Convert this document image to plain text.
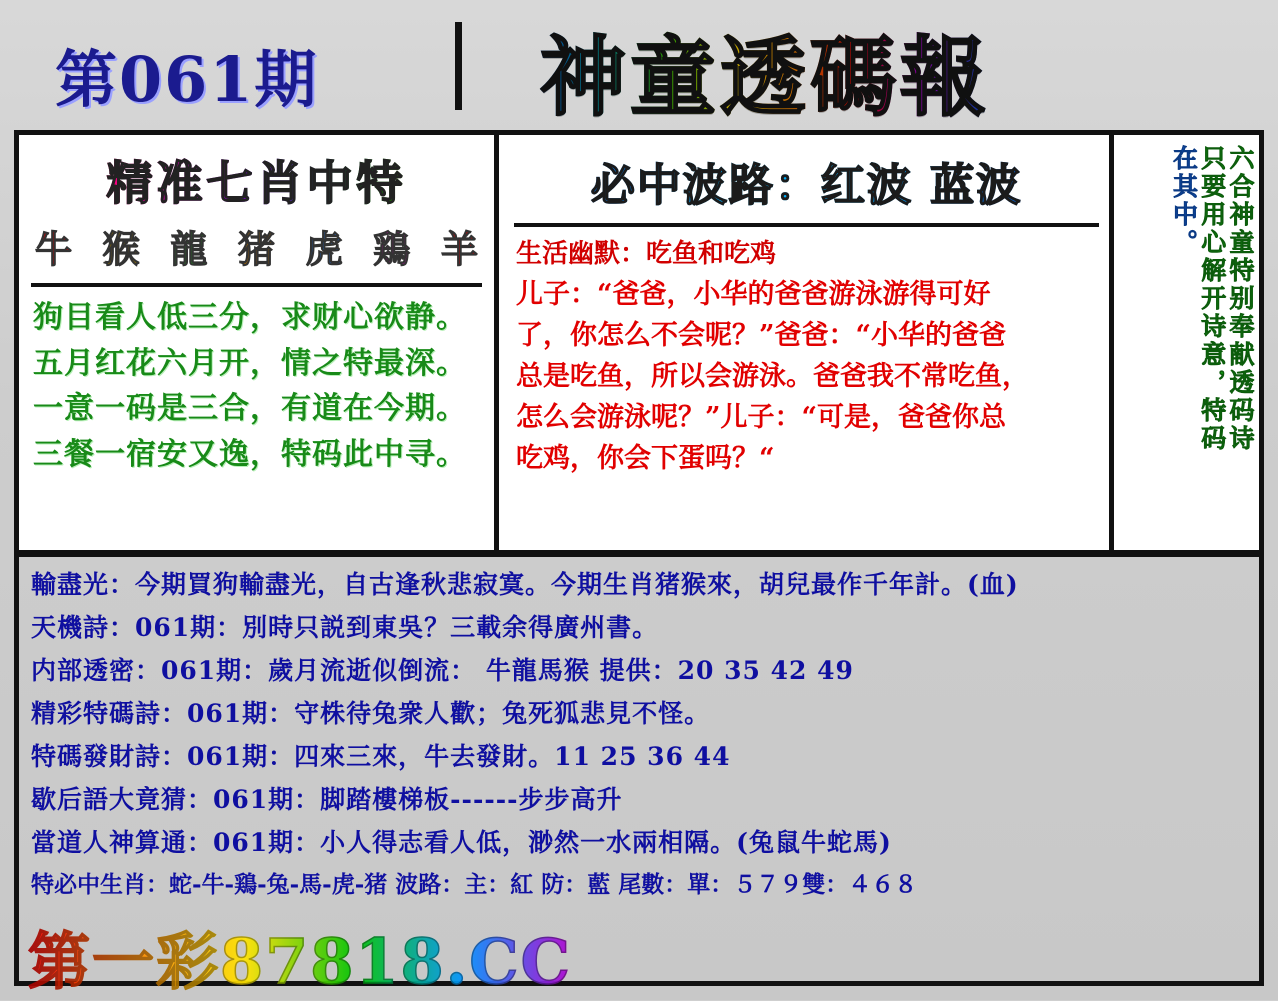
第061期	神童透碼報
精准七肖中特
牛 猴 龍 猪 虎 鶏 羊
狗目看人低三分，求财心欲静。
五月红花六月开，情之特最深。
一意一码是三合，有道在今期。
三餐一宿安又逸，特码此中寻。
必中波路：红波 蓝波
生活幽默：吃鱼和吃鸡
儿子：“爸爸，小华的爸爸游泳游得可好
了，你怎么不会呢？”爸爸：“小华的爸爸
总是吃鱼，所以会游泳。爸爸我不常吃鱼，
怎么会游泳呢？”儿子：“可是，爸爸你总
吃鸡，你会下蛋吗？“
六合神童特别奉献透码诗
只要用心解开诗意，特码
在其中。
輸盡光：今期買狗輸盡光，自古逢秋悲寂寞。今期生肖猪猴來，胡兒最作千年計。(血)
天機詩：061期：別時只説到東吳？三載余得廣州書。
内部透密：061期：歲月流逝似倒流： 牛龍馬猴 提供：20 35 42 49
精彩特碼詩：061期：守株待兔衆人歡；兔死狐悲見不怪。
特碼發財詩：061期：四來三來，牛去發財。11 25 36 44
歇后語大竟猜：061期：脚踏樓梯板------步步高升
當道人神算通：061期：小人得志看人低，渺然一水兩相隔。(兔鼠牛蛇馬)
特必中生肖：蛇-牛-鶏-兔-馬-虎-猪 波路：主：紅 防：藍 尾數：單：５７９雙：４６８
第一彩87818.CC
